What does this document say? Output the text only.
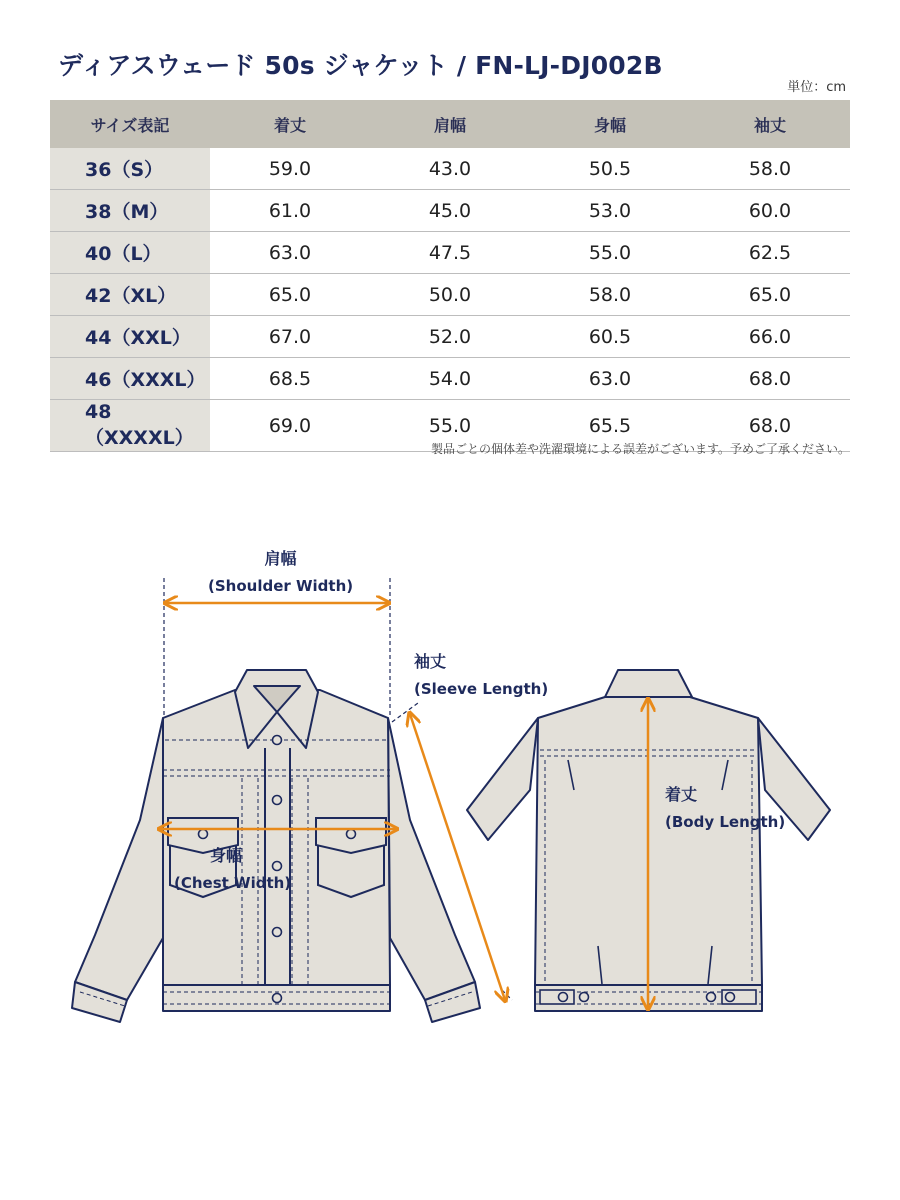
ディアスウェード 50s ジャケット / FN-LJ-DJ002B
単位：cm
サイズ表記	着丈	肩幅	身幅	袖丈
36（S）	59.0	43.0	50.5	58.0
38（M）	61.0	45.0	53.0	60.0
40（L）	63.0	47.5	55.0	62.5
42（XL）	65.0	50.0	58.0	65.0
44（XXL）	67.0	52.0	60.5	66.0
46（XXXL）	68.5	54.0	63.0	68.0
48（XXXXL）	69.0	55.0	65.5	68.0
製品ごとの個体差や洗濯環境による誤差がございます。予めご了承ください。
肩幅
(Shoulder Width)
袖丈
(Sleeve Length)
身幅
(Chest Width)
着丈
(Body Length)
